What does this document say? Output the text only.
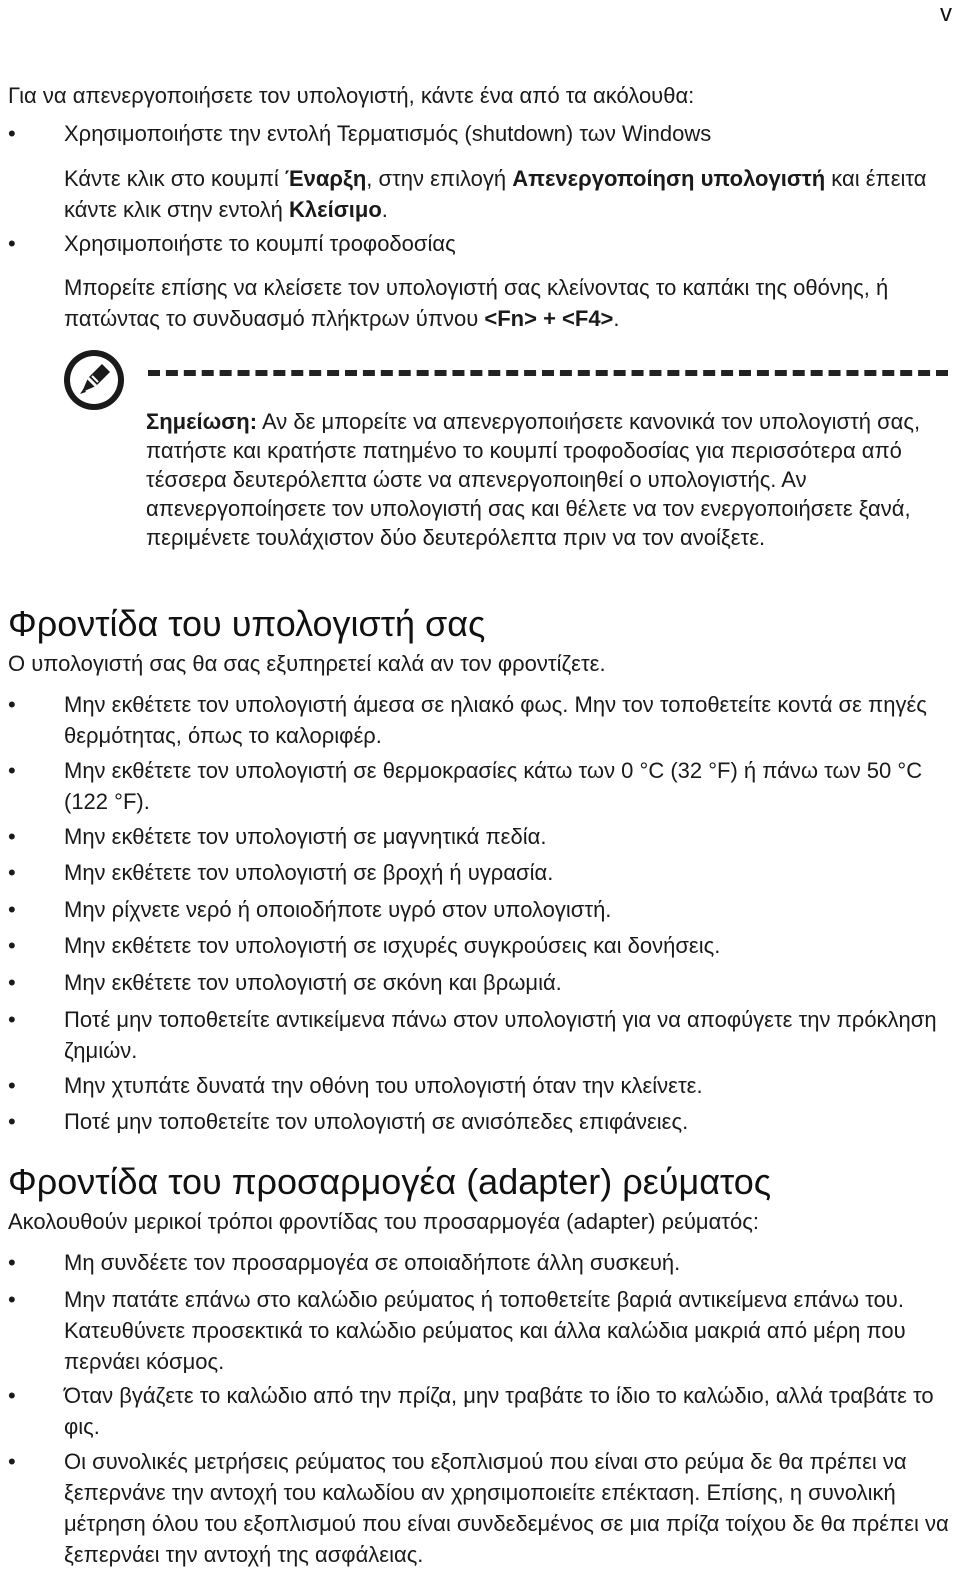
v

Για να απενεργοποιήσετε τον υπολογιστή, κάντε ένα από τα ακόλουθα:

• Χρησιμοποιήστε την εντολή Τερματισμός (shutdown) των Windows

Κάντε κλικ στο κουμπί Έναρξη, στην επιλογή Απενεργοποίηση υπολογιστή και έπειτα κάντε κλικ στην εντολή Κλείσιμο.

• Χρησιμοποιήστε το κουμπί τροφοδοσίας

Μπορείτε επίσης να κλείσετε τον υπολογιστή σας κλείνοντας το καπάκι της οθόνης, ή πατώντας το συνδυασμό πλήκτρων ύπνου <Fn> + <F4>.

Σημείωση: Αν δε μπορείτε να απενεργοποιήσετε κανονικά τον υπολογιστή σας, πατήστε και κρατήστε πατημένο το κουμπί τροφοδοσίας για περισσότερα από τέσσερα δευτερόλεπτα ώστε να απενεργοποιηθεί ο υπολογιστής. Αν απενεργοποίησετε τον υπολογιστή σας και θέλετε να τον ενεργοποιήσετε ξανά, περιμένετε τουλάχιστον δύο δευτερόλεπτα πριν να τον ανοίξετε.

Φροντίδα του υπολογιστή σας

Ο υπολογιστή σας θα σας εξυπηρετεί καλά αν τον φροντίζετε.

• Μην εκθέτετε τον υπολογιστή άμεσα σε ηλιακό φως. Μην τον τοποθετείτε κοντά σε πηγές θερμότητας, όπως το καλοριφέρ.

• Μην εκθέτετε τον υπολογιστή σε θερμοκρασίες κάτω των 0 °C (32 °F) ή πάνω των 50 °C (122 °F).

• Μην εκθέτετε τον υπολογιστή σε μαγνητικά πεδία.

• Μην εκθέτετε τον υπολογιστή σε βροχή ή υγρασία.

• Μην ρίχνετε νερό ή οποιοδήποτε υγρό στον υπολογιστή.

• Μην εκθέτετε τον υπολογιστή σε ισχυρές συγκρούσεις και δονήσεις.

• Μην εκθέτετε τον υπολογιστή σε σκόνη και βρωμιά.

• Ποτέ μην τοποθετείτε αντικείμενα πάνω στον υπολογιστή για να αποφύγετε την πρόκληση ζημιών.

• Μην χτυπάτε δυνατά την οθόνη του υπολογιστή όταν την κλείνετε.

• Ποτέ μην τοποθετείτε τον υπολογιστή σε ανισόπεδες επιφάνειες.

Φροντίδα του προσαρμογέα (adapter) ρεύματος

Ακολουθούν μερικοί τρόποι φροντίδας του προσαρμογέα (adapter) ρεύματός:

• Μη συνδέετε τον προσαρμογέα σε οποιαδήποτε άλλη συσκευή.

• Μην πατάτε επάνω στο καλώδιο ρεύματος ή τοποθετείτε βαριά αντικείμενα επάνω του. Κατευθύνετε προσεκτικά το καλώδιο ρεύματος και άλλα καλώδια μακριά από μέρη που περνάει κόσμος.

• Όταν βγάζετε το καλώδιο από την πρίζα, μην τραβάτε το ίδιο το καλώδιο, αλλά τραβάτε το φις.

• Οι συνολικές μετρήσεις ρεύματος του εξοπλισμού που είναι στο ρεύμα δε θα πρέπει να ξεπερνάνε την αντοχή του καλωδίου αν χρησιμοποιείτε επέκταση. Επίσης, η συνολική μέτρηση όλου του εξοπλισμού που είναι συνδεδεμένος σε μια πρίζα τοίχου δε θα πρέπει να ξεπερνάει την αντοχή της ασφάλειας.
